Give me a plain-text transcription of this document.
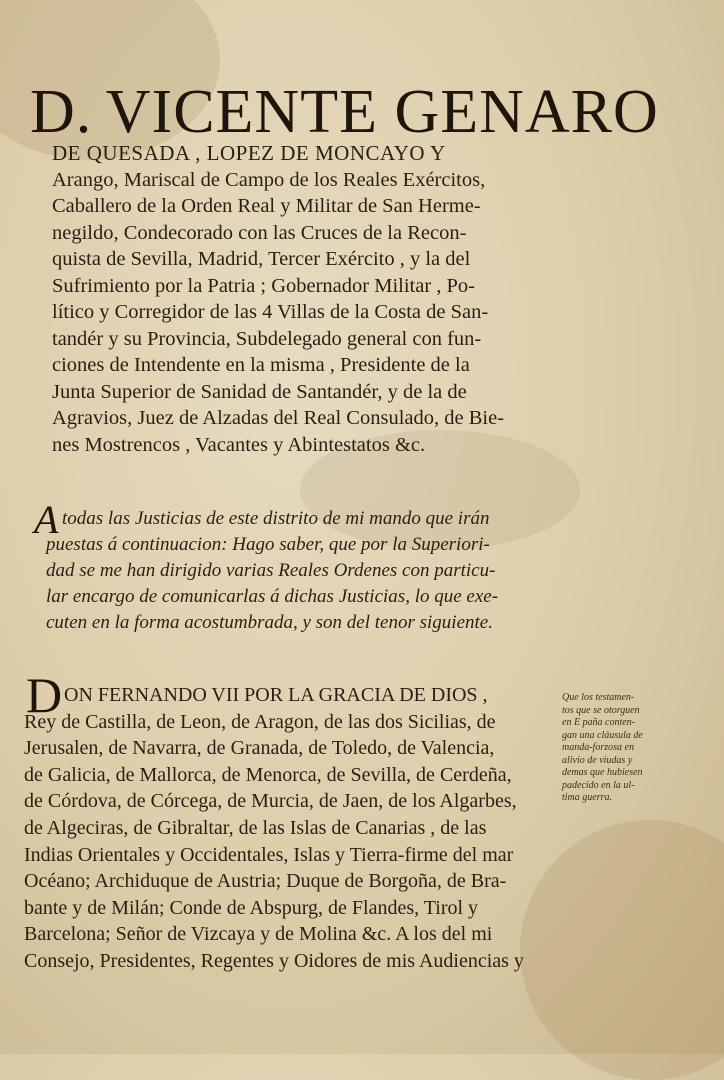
D. VICENTE GENARO
DE QUESADA , LOPEZ DE MONCAYO Y
Arango, Mariscal de Campo de los Reales Exércitos,
Caballero de la Orden Real y Militar de San Herme-
negildo, Condecorado con las Cruces de la Recon-
quista de Sevilla, Madrid, Tercer Exército , y la del
Sufrimiento por la Patria ; Gobernador Militar , Po-
lítico y Corregidor de las 4 Villas de la Costa de San-
tandér y su Provincia, Subdelegado general con fun-
ciones de Intendente en la misma , Presidente de la
Junta Superior de Sanidad de Santandér, y de la de
Agravios, Juez de Alzadas del Real Consulado, de Bie-
nes Mostrencos , Vacantes y Abintestatos &c.
A todas las Justicias de este distrito de mi mando que irán
puestas á continuacion: Hago saber, que por la Superiori-
dad se me han dirigido varias Reales Ordenes con particu-
lar encargo de comunicarlas á dichas Justicias, lo que exe-
cuten en la forma acostumbrada, y son del tenor siguiente.
D ON FERNANDO VII POR LA GRACIA DE DIOS ,
Rey de Castilla, de Leon, de Aragon, de las dos Sicilias, de
Jerusalen, de Navarra, de Granada, de Toledo, de Valencia,
de Galicia, de Mallorca, de Menorca, de Sevilla, de Cerdeña,
de Córdova, de Córcega, de Murcia, de Jaen, de los Algarbes,
de Algeciras, de Gibraltar, de las Islas de Canarias , de las
Indias Orientales y Occidentales, Islas y Tierra-firme del mar
Océano; Archiduque de Austria; Duque de Borgoña, de Bra-
bante y de Milán; Conde de Abspurg, de Flandes, Tirol y
Barcelona; Señor de Vizcaya y de Molina &c. A los del mi
Consejo, Presidentes, Regentes y Oidores de mis Audiencias y
Que los testamen-
tos que se otorguen
en E paña conten-
gan una cláusula de
manda-forzosa en
alivio de viudas y
demas que hubiesen
padecido en la ul-
tima guerra.
